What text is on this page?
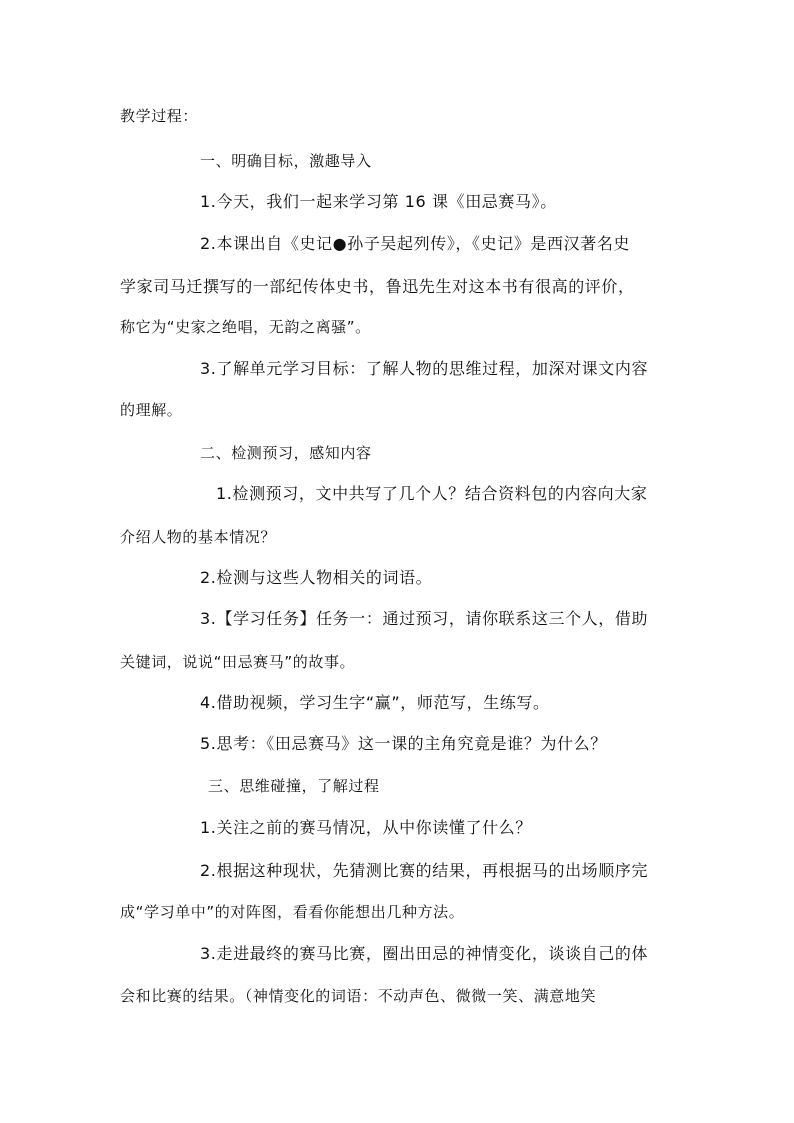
教学过程：
一、明确目标，激趣导入
1.今天，我们一起来学习第 16 课《田忌赛马》。
2.本课出自《史记●孙子吴起列传》，《史记》是西汉著名史
学家司马迁撰写的一部纪传体史书，鲁迅先生对这本书有很高的评价，
称它为“史家之绝唱，无韵之离骚”。
3.了解单元学习目标：了解人物的思维过程，加深对课文内容
的理解。
二、检测预习，感知内容
1.检测预习，文中共写了几个人？结合资料包的内容向大家
介绍人物的基本情况？
2.检测与这些人物相关的词语。
3.【学习任务】任务一：通过预习，请你联系这三个人，借助
关键词，说说“田忌赛马”的故事。
4.借助视频，学习生字“赢”，师范写，生练写。
5.思考：《田忌赛马》这一课的主角究竟是谁？为什么？
三、思维碰撞，了解过程
1.关注之前的赛马情况，从中你读懂了什么？
2.根据这种现状，先猜测比赛的结果，再根据马的出场顺序完
成“学习单中”的对阵图，看看你能想出几种方法。
3.走进最终的赛马比赛，圈出田忌的神情变化，谈谈自己的体
会和比赛的结果。（神情变化的词语：不动声色、微微一笑、满意地笑
